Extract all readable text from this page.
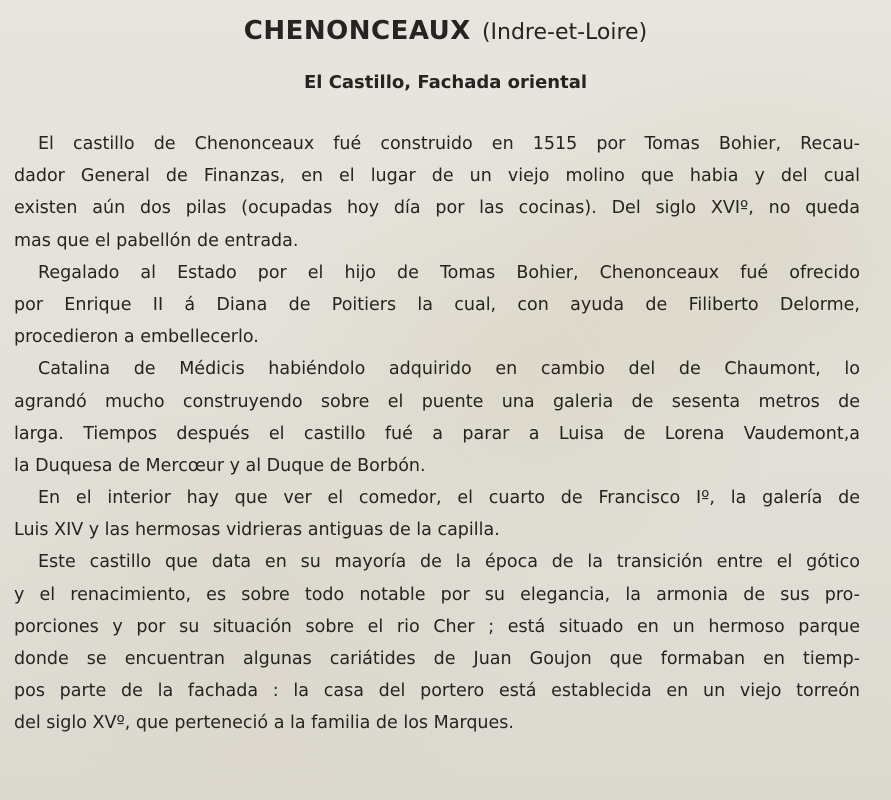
CHENONCEAUX (Indre-et-Loire)
El Castillo, Fachada oriental
El castillo de Chenonceaux fué construido en 1515 por Tomas Bohier, Recau-
dador General de Finanzas, en el lugar de un viejo molino que habia y del cual
existen aún dos pilas (ocupadas hoy día por las cocinas). Del siglo XVIº, no queda
mas que el pabellón de entrada.
Regalado al Estado por el hijo de Tomas Bohier, Chenonceaux fué ofrecido
por Enrique II á Diana de Poitiers la cual, con ayuda de Filiberto Delorme,
procedieron a embellecerlo.
Catalina de Médicis habiéndolo adquirido en cambio del de Chaumont, lo
agrandó mucho construyendo sobre el puente una galeria de sesenta metros de
larga. Tiempos después el castillo fué a parar a Luisa de Lorena Vaudemont,a
la Duquesa de Mercœur y al Duque de Borbón.
En el interior hay que ver el comedor, el cuarto de Francisco Iº, la galería de
Luis XIV y las hermosas vidrieras antiguas de la capilla.
Este castillo que data en su mayoría de la época de la transición entre el gótico
y el renacimiento, es sobre todo notable por su elegancia, la armonia de sus pro-
porciones y por su situación sobre el rio Cher ; está situado en un hermoso parque
donde se encuentran algunas cariátides de Juan Goujon que formaban en tiemp-
pos parte de la fachada : la casa del portero está establecida en un viejo torreón
del siglo XVº, que perteneció a la familia de los Marques.
